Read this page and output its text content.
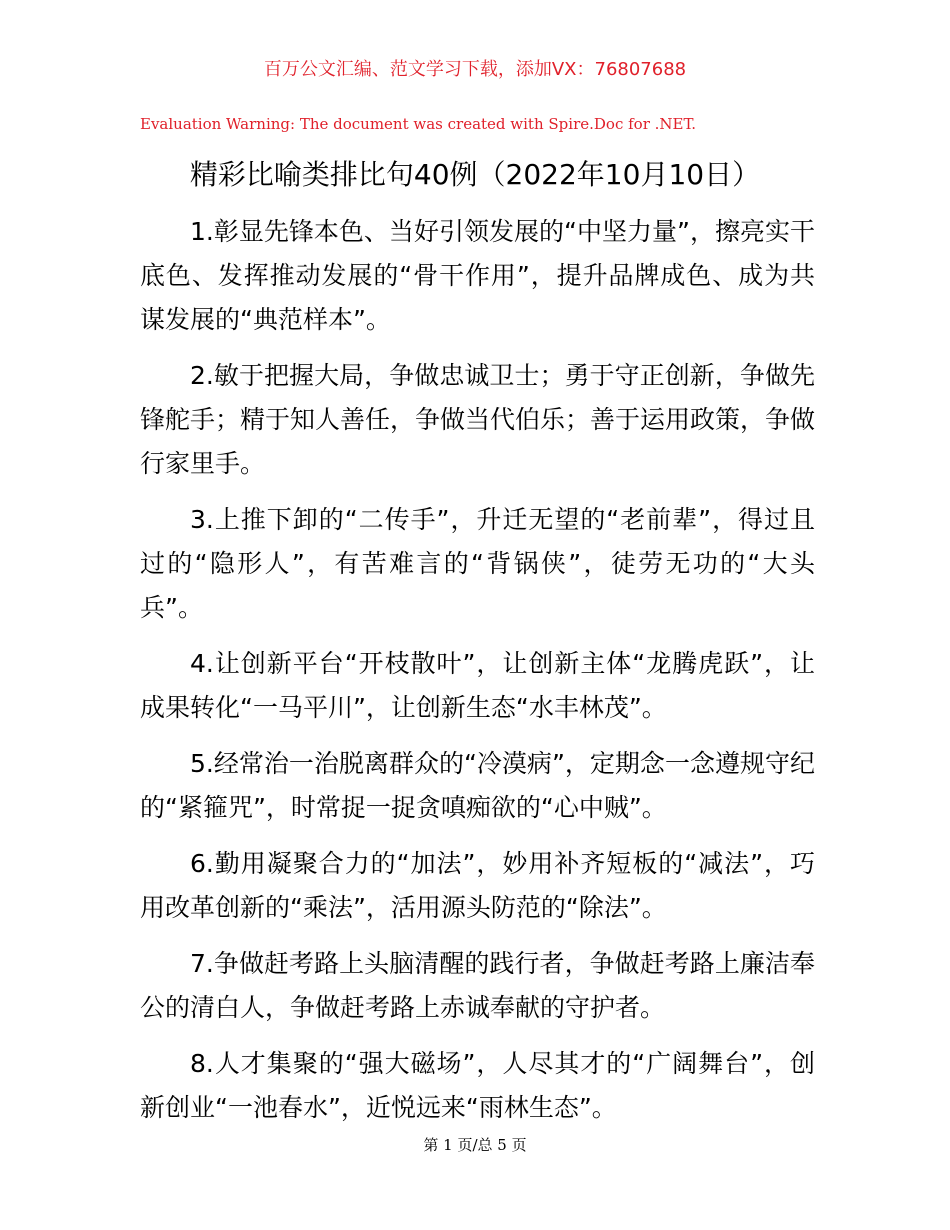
百万公文汇编、范文学习下载，添加VX：76807688
Evaluation Warning: The document was created with Spire.Doc for .NET.
精彩比喻类排比句40例（2022年10月10日）

1.彰显先锋本色、当好引领发展的“中坚力量”，擦亮实干底色、发挥推动发展的“骨干作用”，提升品牌成色、成为共谋发展的“典范样本”。

2.敏于把握大局，争做忠诚卫士；勇于守正创新，争做先锋舵手；精于知人善任，争做当代伯乐；善于运用政策，争做行家里手。

3.上推下卸的“二传手”，升迁无望的“老前辈”，得过且过的“隐形人”，有苦难言的“背锅侠”，徒劳无功的“大头兵”。

4.让创新平台“开枝散叶”，让创新主体“龙腾虎跃”，让成果转化“一马平川”，让创新生态“水丰林茂”。

5.经常治一治脱离群众的“冷漠病”，定期念一念遵规守纪的“紧箍咒”，时常捉一捉贪嗔痴欲的“心中贼”。

6.勤用凝聚合力的“加法”，妙用补齐短板的“减法”，巧用改革创新的“乘法”，活用源头防范的“除法”。

7.争做赶考路上头脑清醒的践行者，争做赶考路上廉洁奉公的清白人，争做赶考路上赤诚奉献的守护者。

8.人才集聚的“强大磁场”，人尽其才的“广阔舞台”，创新创业“一池春水”，近悦远来“雨林生态”。

第 1 页/总 5 页
